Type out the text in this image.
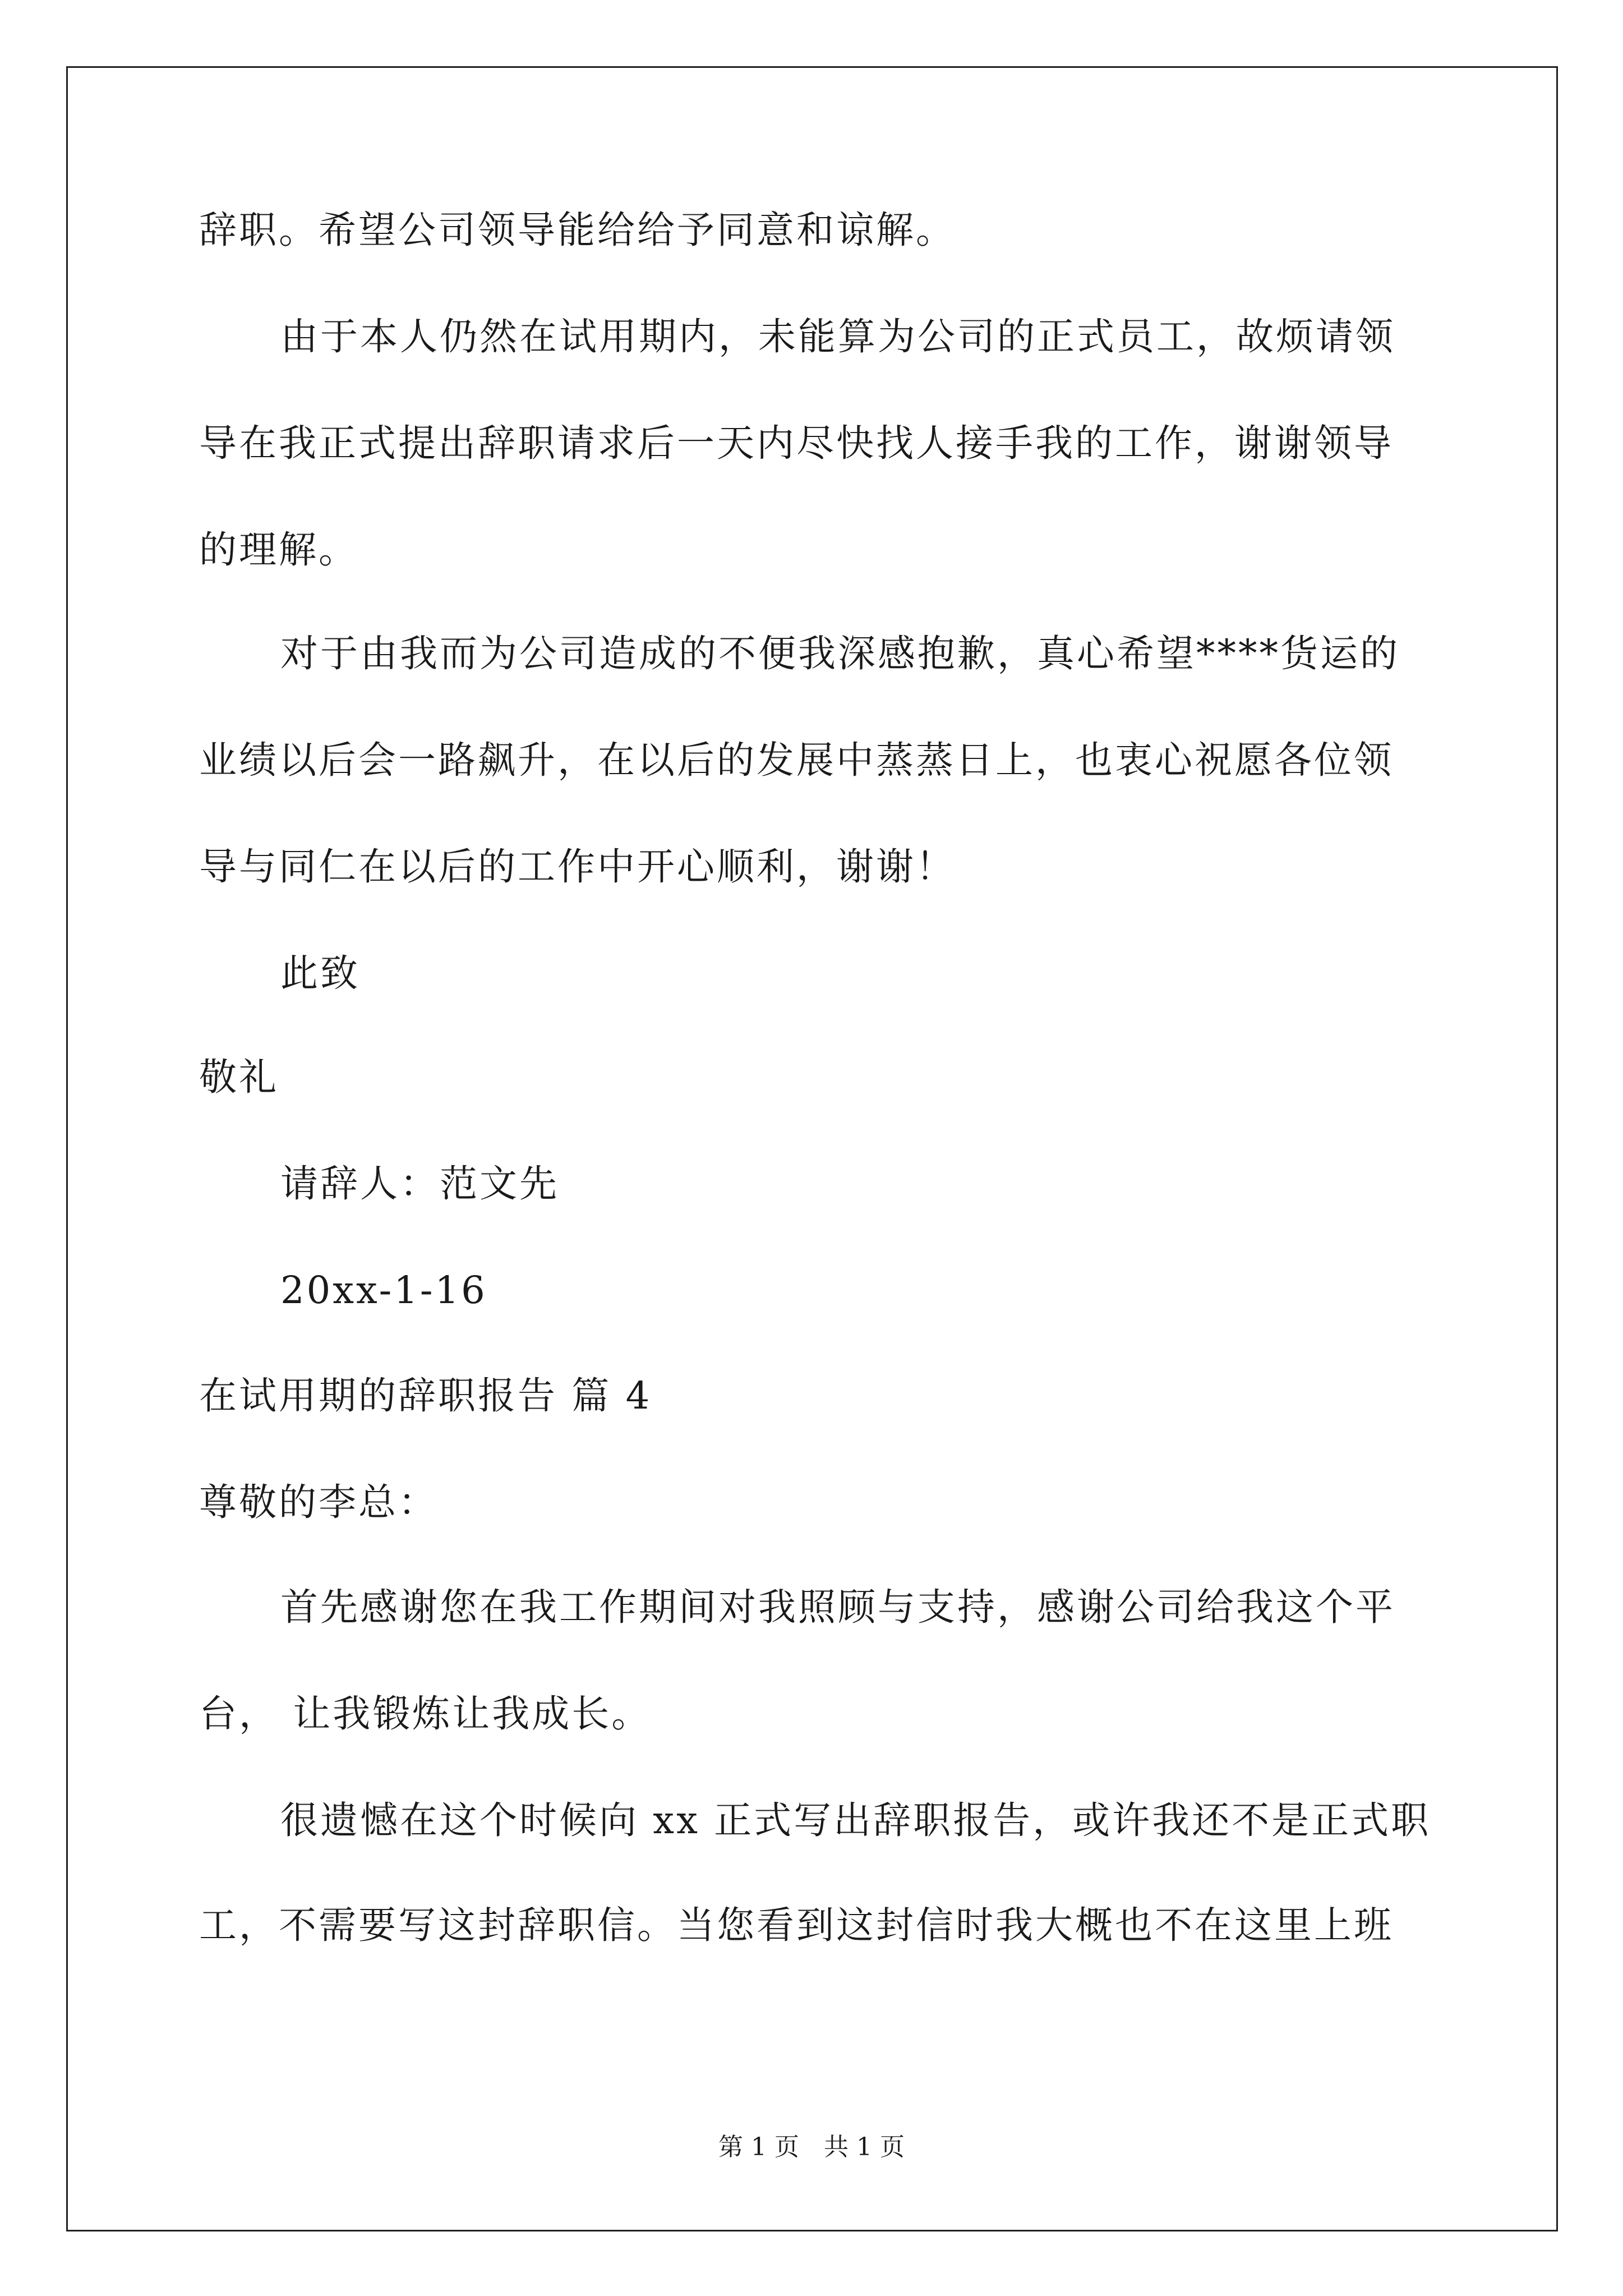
辞职。希望公司领导能给给予同意和谅解。
由于本人仍然在试用期内，未能算为公司的正式员工，故烦请领
导在我正式提出辞职请求后一天内尽快找人接手我的工作，谢谢领导
的理解。
对于由我而为公司造成的不便我深感抱歉，真心希望****货运的
业绩以后会一路飙升，在以后的发展中蒸蒸日上，也衷心祝愿各位领
导与同仁在以后的工作中开心顺利，谢谢！
此致
敬礼
请辞人：范文先
20xx-1-16
在试用期的辞职报告 篇 4
尊敬的李总：
首先感谢您在我工作期间对我照顾与支持，感谢公司给我这个平
台， 让我锻炼让我成长。
很遗憾在这个时候向 xx 正式写出辞职报告，或许我还不是正式职
工，不需要写这封辞职信。当您看到这封信时我大概也不在这里上班
第 1 页　共 1 页
